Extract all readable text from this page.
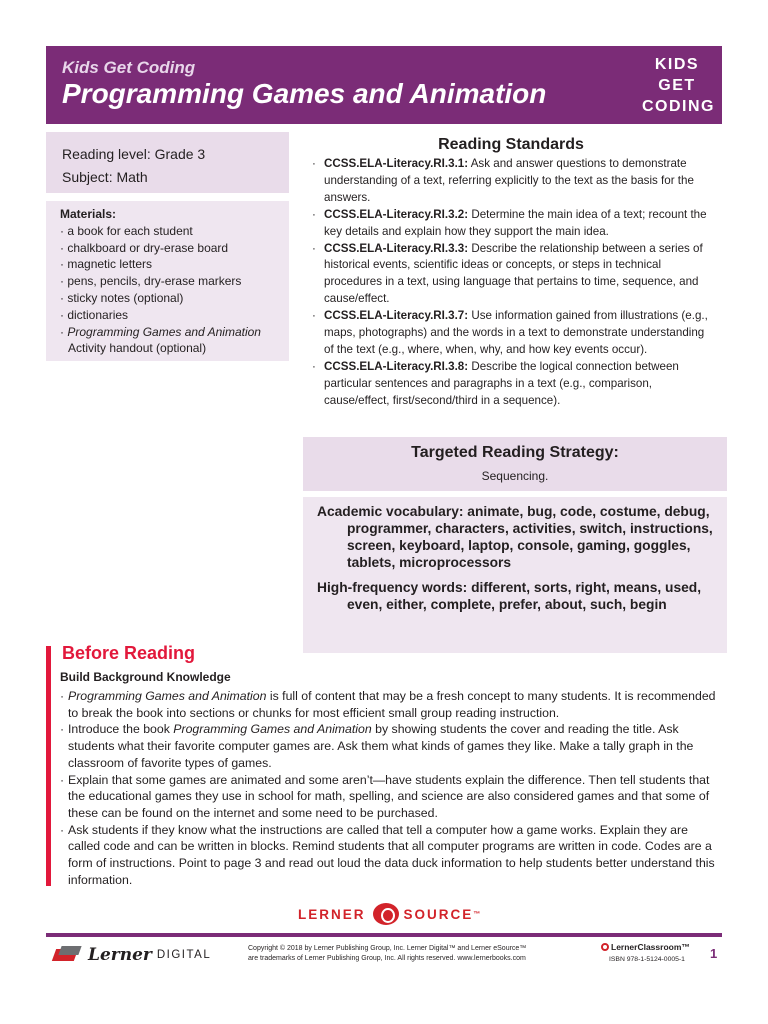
Kids Get Coding
Programming Games and Animation
KIDS
GET
CODING
Reading level: Grade 3
Subject: Math
Materials:
· a book for each student
· chalkboard or dry-erase board
· magnetic letters
· pens, pencils, dry-erase markers
· sticky notes (optional)
· dictionaries
· Programming Games and Animation
Activity handout (optional)
Reading Standards
· CCSS.ELA-Literacy.RI.3.1: Ask and answer questions to demonstrate understanding of a text, referring explicitly to the text as the basis for the answers.
· CCSS.ELA-Literacy.RI.3.2: Determine the main idea of a text; recount the key details and explain how they support the main idea.
· CCSS.ELA-Literacy.RI.3.3: Describe the relationship between a series of historical events, scientific ideas or concepts, or steps in technical procedures in a text, using language that pertains to time, sequence, and cause/effect.
· CCSS.ELA-Literacy.RI.3.7: Use information gained from illustrations (e.g., maps, photographs) and the words in a text to demonstrate understanding of the text (e.g., where, when, why, and how key events occur).
· CCSS.ELA-Literacy.RI.3.8: Describe the logical connection between particular sentences and paragraphs in a text (e.g., comparison, cause/effect, first/second/third in a sequence).
Targeted Reading Strategy:
Sequencing.
Academic vocabulary: animate, bug, code, costume, debug, programmer, characters, activities, switch, instructions, screen, keyboard, laptop, console, gaming, goggles, tablets, microprocessors
High-frequency words: different, sorts, right, means, used, even, either, complete, prefer, about, such, begin
Before Reading
Build Background Knowledge
· Programming Games and Animation is full of content that may be a fresh concept to many students. It is recommended to break the book into sections or chunks for most efficient small group reading instruction.
· Introduce the book Programming Games and Animation by showing students the cover and reading the title. Ask students what their favorite computer games are. Ask them what kinds of games they like. Make a tally graph in the classroom of favorite types of games.
· Explain that some games are animated and some aren’t—have students explain the difference. Then tell students that the educational games they use in school for math, spelling, and science are also considered games and that some of these can be found on the internet and some need to be purchased.
· Ask students if they know what the instructions are called that tell a computer how a game works. Explain they are called code and can be written in blocks. Remind students that all computer programs are written in code. Codes are a form of instructions. Point to page 3 and read out loud the data duck information to help students better understand this information.
LERNER	SOURCE ™
Lerner DIGITAL
Copyright © 2018 by Lerner Publishing Group, Inc. Lerner Digital™ and Lerner eSource™
are trademarks of Lerner Publishing Group, Inc. All rights reserved. www.lernerbooks.com
LernerClassroom™
ISBN 978-1-5124-0005-1 1
